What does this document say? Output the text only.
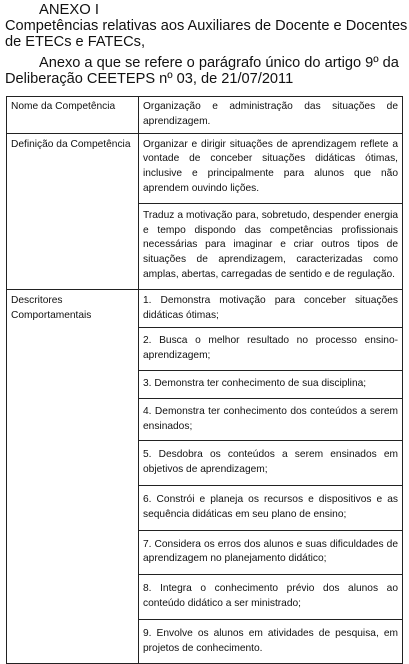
ANEXO I
Competências relativas aos Auxiliares de Docente e Docentes
de ETECs e FATECs,
Anexo a que se refere o parágrafo único do artigo 9º da
Deliberação CEETEPS nº 03, de 21/07/2011
Nome da Competência	Organização e administração das situações de aprendizagem.
Definição da Competência	Organizar e dirigir situações de aprendizagem reflete a vontade de conceber situações didáticas ótimas, inclusive e principalmente para alunos que não aprendem ouvindo lições.
	Traduz a motivação para, sobretudo, despender energia e tempo dispondo das competências profissionais necessárias para imaginar e criar outros tipos de situações de aprendizagem, caracterizadas como amplas, abertas, carregadas de sentido e de regulação.
Descritores Comportamentais	1. Demonstra motivação para conceber situações didáticas ótimas;
	2. Busca o melhor resultado no processo ensino-aprendizagem;
	3. Demonstra ter conhecimento de sua disciplina;
	4. Demonstra ter conhecimento dos conteúdos a serem ensinados;
	5. Desdobra os conteúdos a serem ensinados em objetivos de aprendizagem;
	6. Constrói e planeja os recursos e dispositivos e as sequência didáticas em seu plano de ensino;
	7. Considera os erros dos alunos e suas dificuldades de aprendizagem no planejamento didático;
	8. Integra o conhecimento prévio dos alunos ao conteúdo didático a ser ministrado;
	9. Envolve os alunos em atividades de pesquisa, em projetos de conhecimento.
